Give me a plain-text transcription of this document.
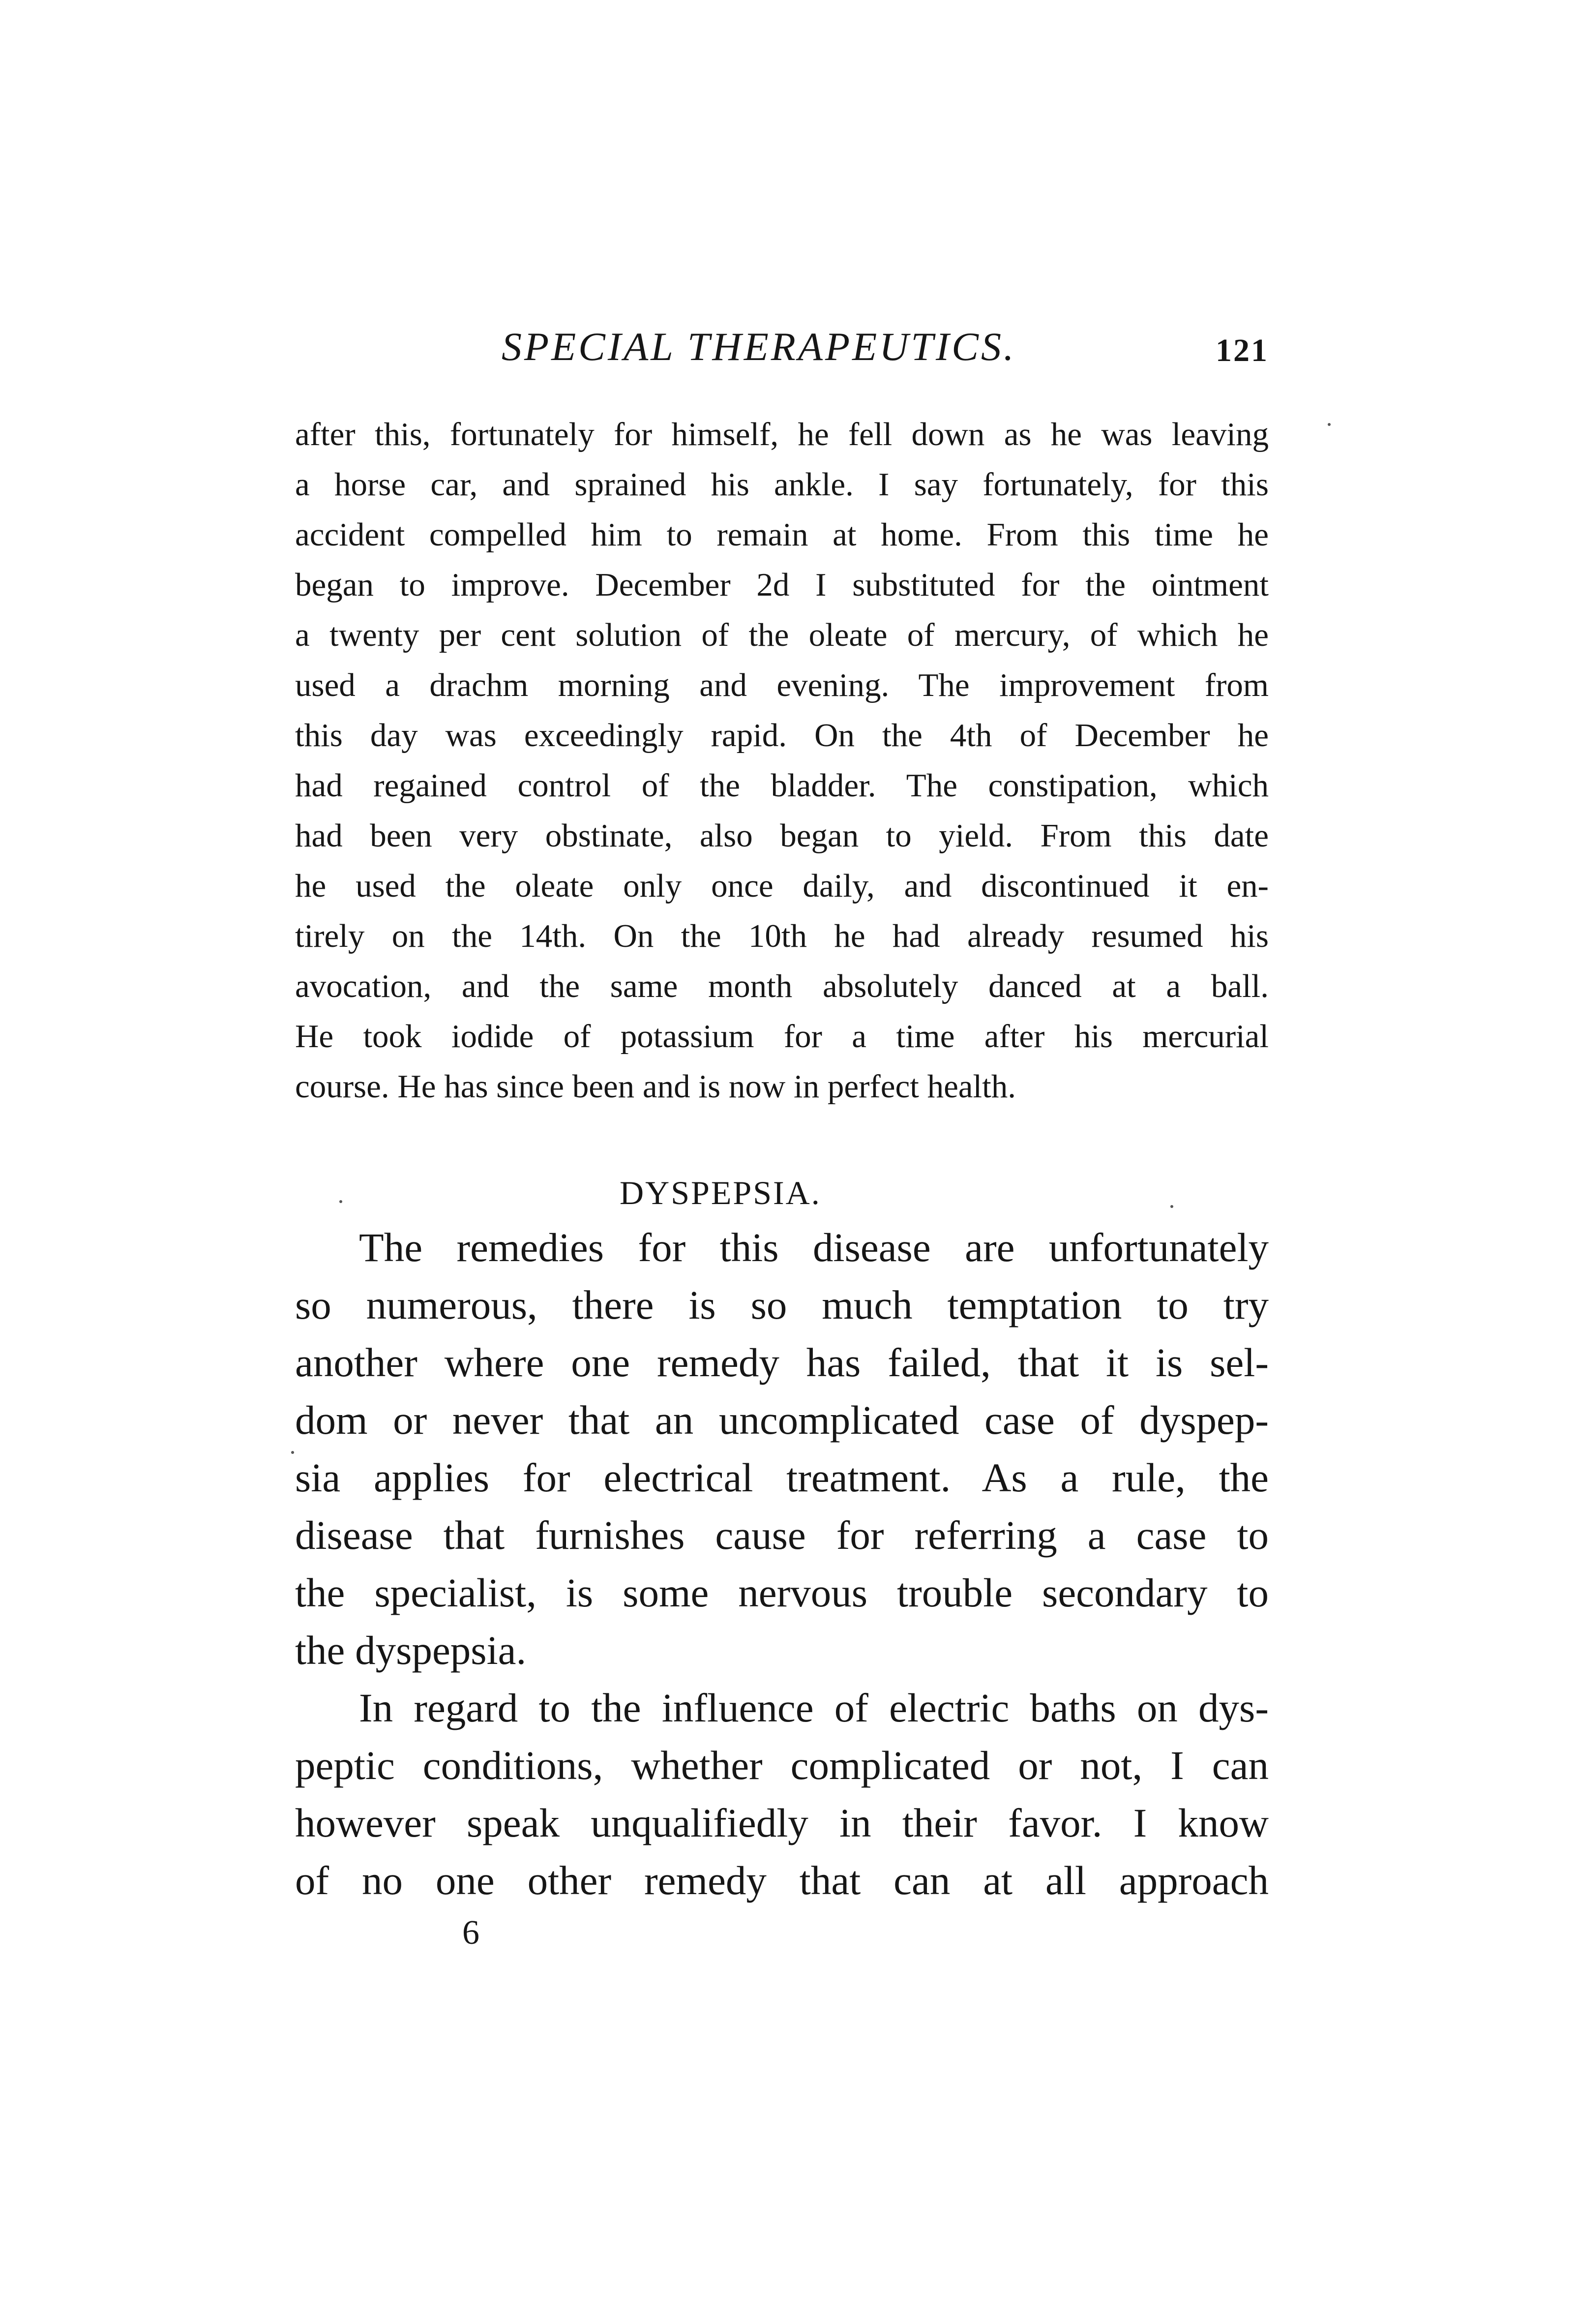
SPECIAL THERAPEUTICS.	121
after this, fortunately for himself, he fell down as he was leaving
a horse car, and sprained his ankle. I say fortunately, for this
accident compelled him to remain at home. From this time he
began to improve. December 2d I substituted for the ointment
a twenty per cent solution of the oleate of mercury, of which he
used a drachm morning and evening. The improvement from
this day was exceedingly rapid. On the 4th of December he
had regained control of the bladder. The constipation, which
had been very obstinate, also began to yield. From this date
he used the oleate only once daily, and discontinued it en-
tirely on the 14th. On the 10th he had already resumed his
avocation, and the same month absolutely danced at a ball.
He took iodide of potassium for a time after his mercurial
course. He has since been and is now in perfect health.
DYSPEPSIA.
The remedies for this disease are unfortunately
so numerous, there is so much temptation to try
another where one remedy has failed, that it is sel-
dom or never that an uncomplicated case of dyspep-
sia applies for electrical treatment. As a rule, the
disease that furnishes cause for referring a case to
the specialist, is some nervous trouble secondary to
the dyspepsia.
In regard to the influence of electric baths on dys-
peptic conditions, whether complicated or not, I can
however speak unqualifiedly in their favor. I know
of no one other remedy that can at all approach
6
